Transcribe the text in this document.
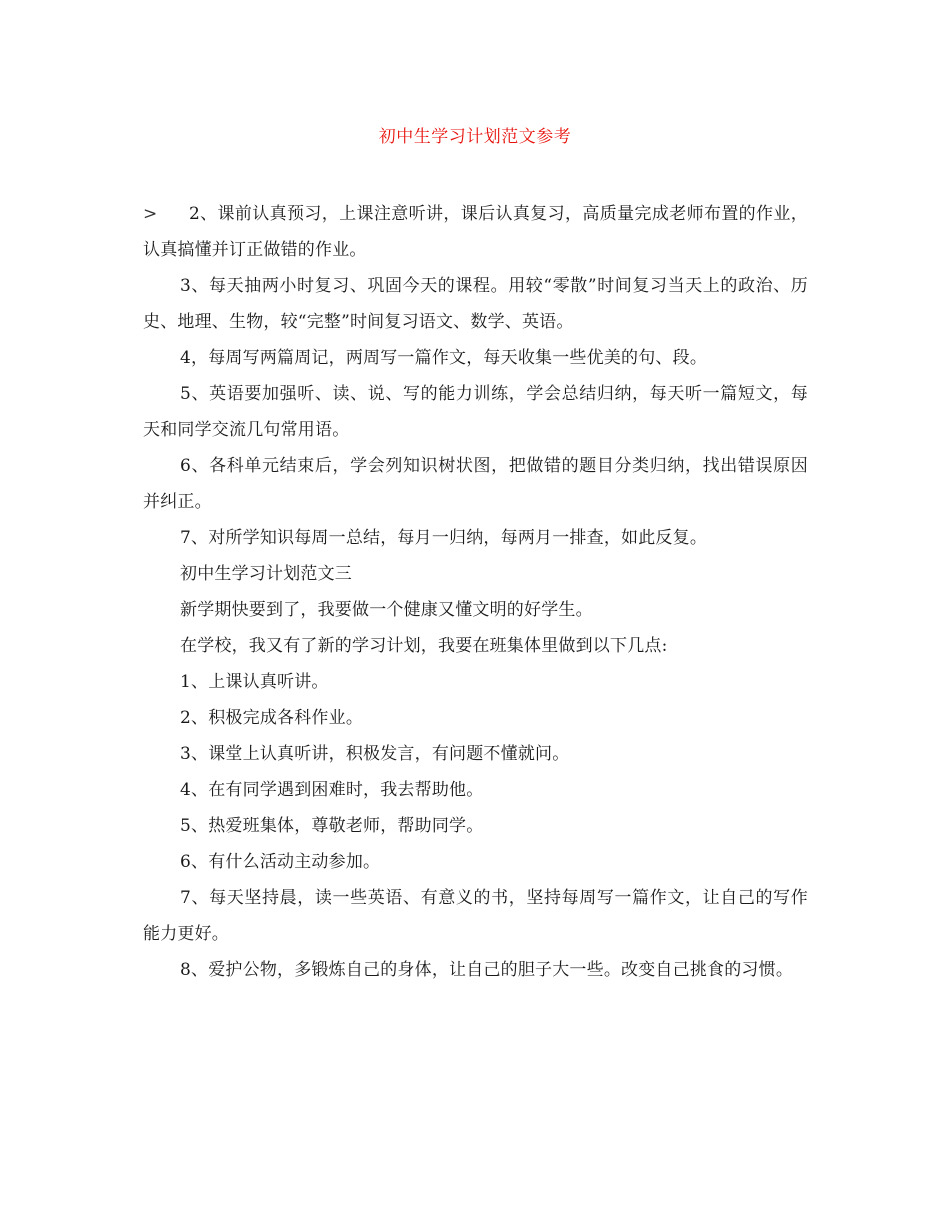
初中生学习计划范文参考

> 2、课前认真预习，上课注意听讲，课后认真复习，高质量完成老师布置的作业，认真搞懂并订正做错的作业。

3、每天抽两小时复习、巩固今天的课程。用较“零散”时间复习当天上的政治、历史、地理、生物，较“完整”时间复习语文、数学、英语。

4，每周写两篇周记，两周写一篇作文，每天收集一些优美的句、段。

5、英语要加强听、读、说、写的能力训练，学会总结归纳，每天听一篇短文，每天和同学交流几句常用语。

6、各科单元结束后，学会列知识树状图，把做错的题目分类归纳，找出错误原因并纠正。

7、对所学知识每周一总结，每月一归纳，每两月一排查，如此反复。

初中生学习计划范文三

新学期快要到了，我要做一个健康又懂文明的好学生。

在学校，我又有了新的学习计划，我要在班集体里做到以下几点:

1、上课认真听讲。

2、积极完成各科作业。

3、课堂上认真听讲，积极发言，有问题不懂就问。

4、在有同学遇到困难时，我去帮助他。

5、热爱班集体，尊敬老师，帮助同学。

6、有什么活动主动参加。

7、每天坚持晨，读一些英语、有意义的书，坚持每周写一篇作文，让自己的写作能力更好。

8、爱护公物，多锻炼自己的身体，让自己的胆子大一些。改变自己挑食的习惯。
